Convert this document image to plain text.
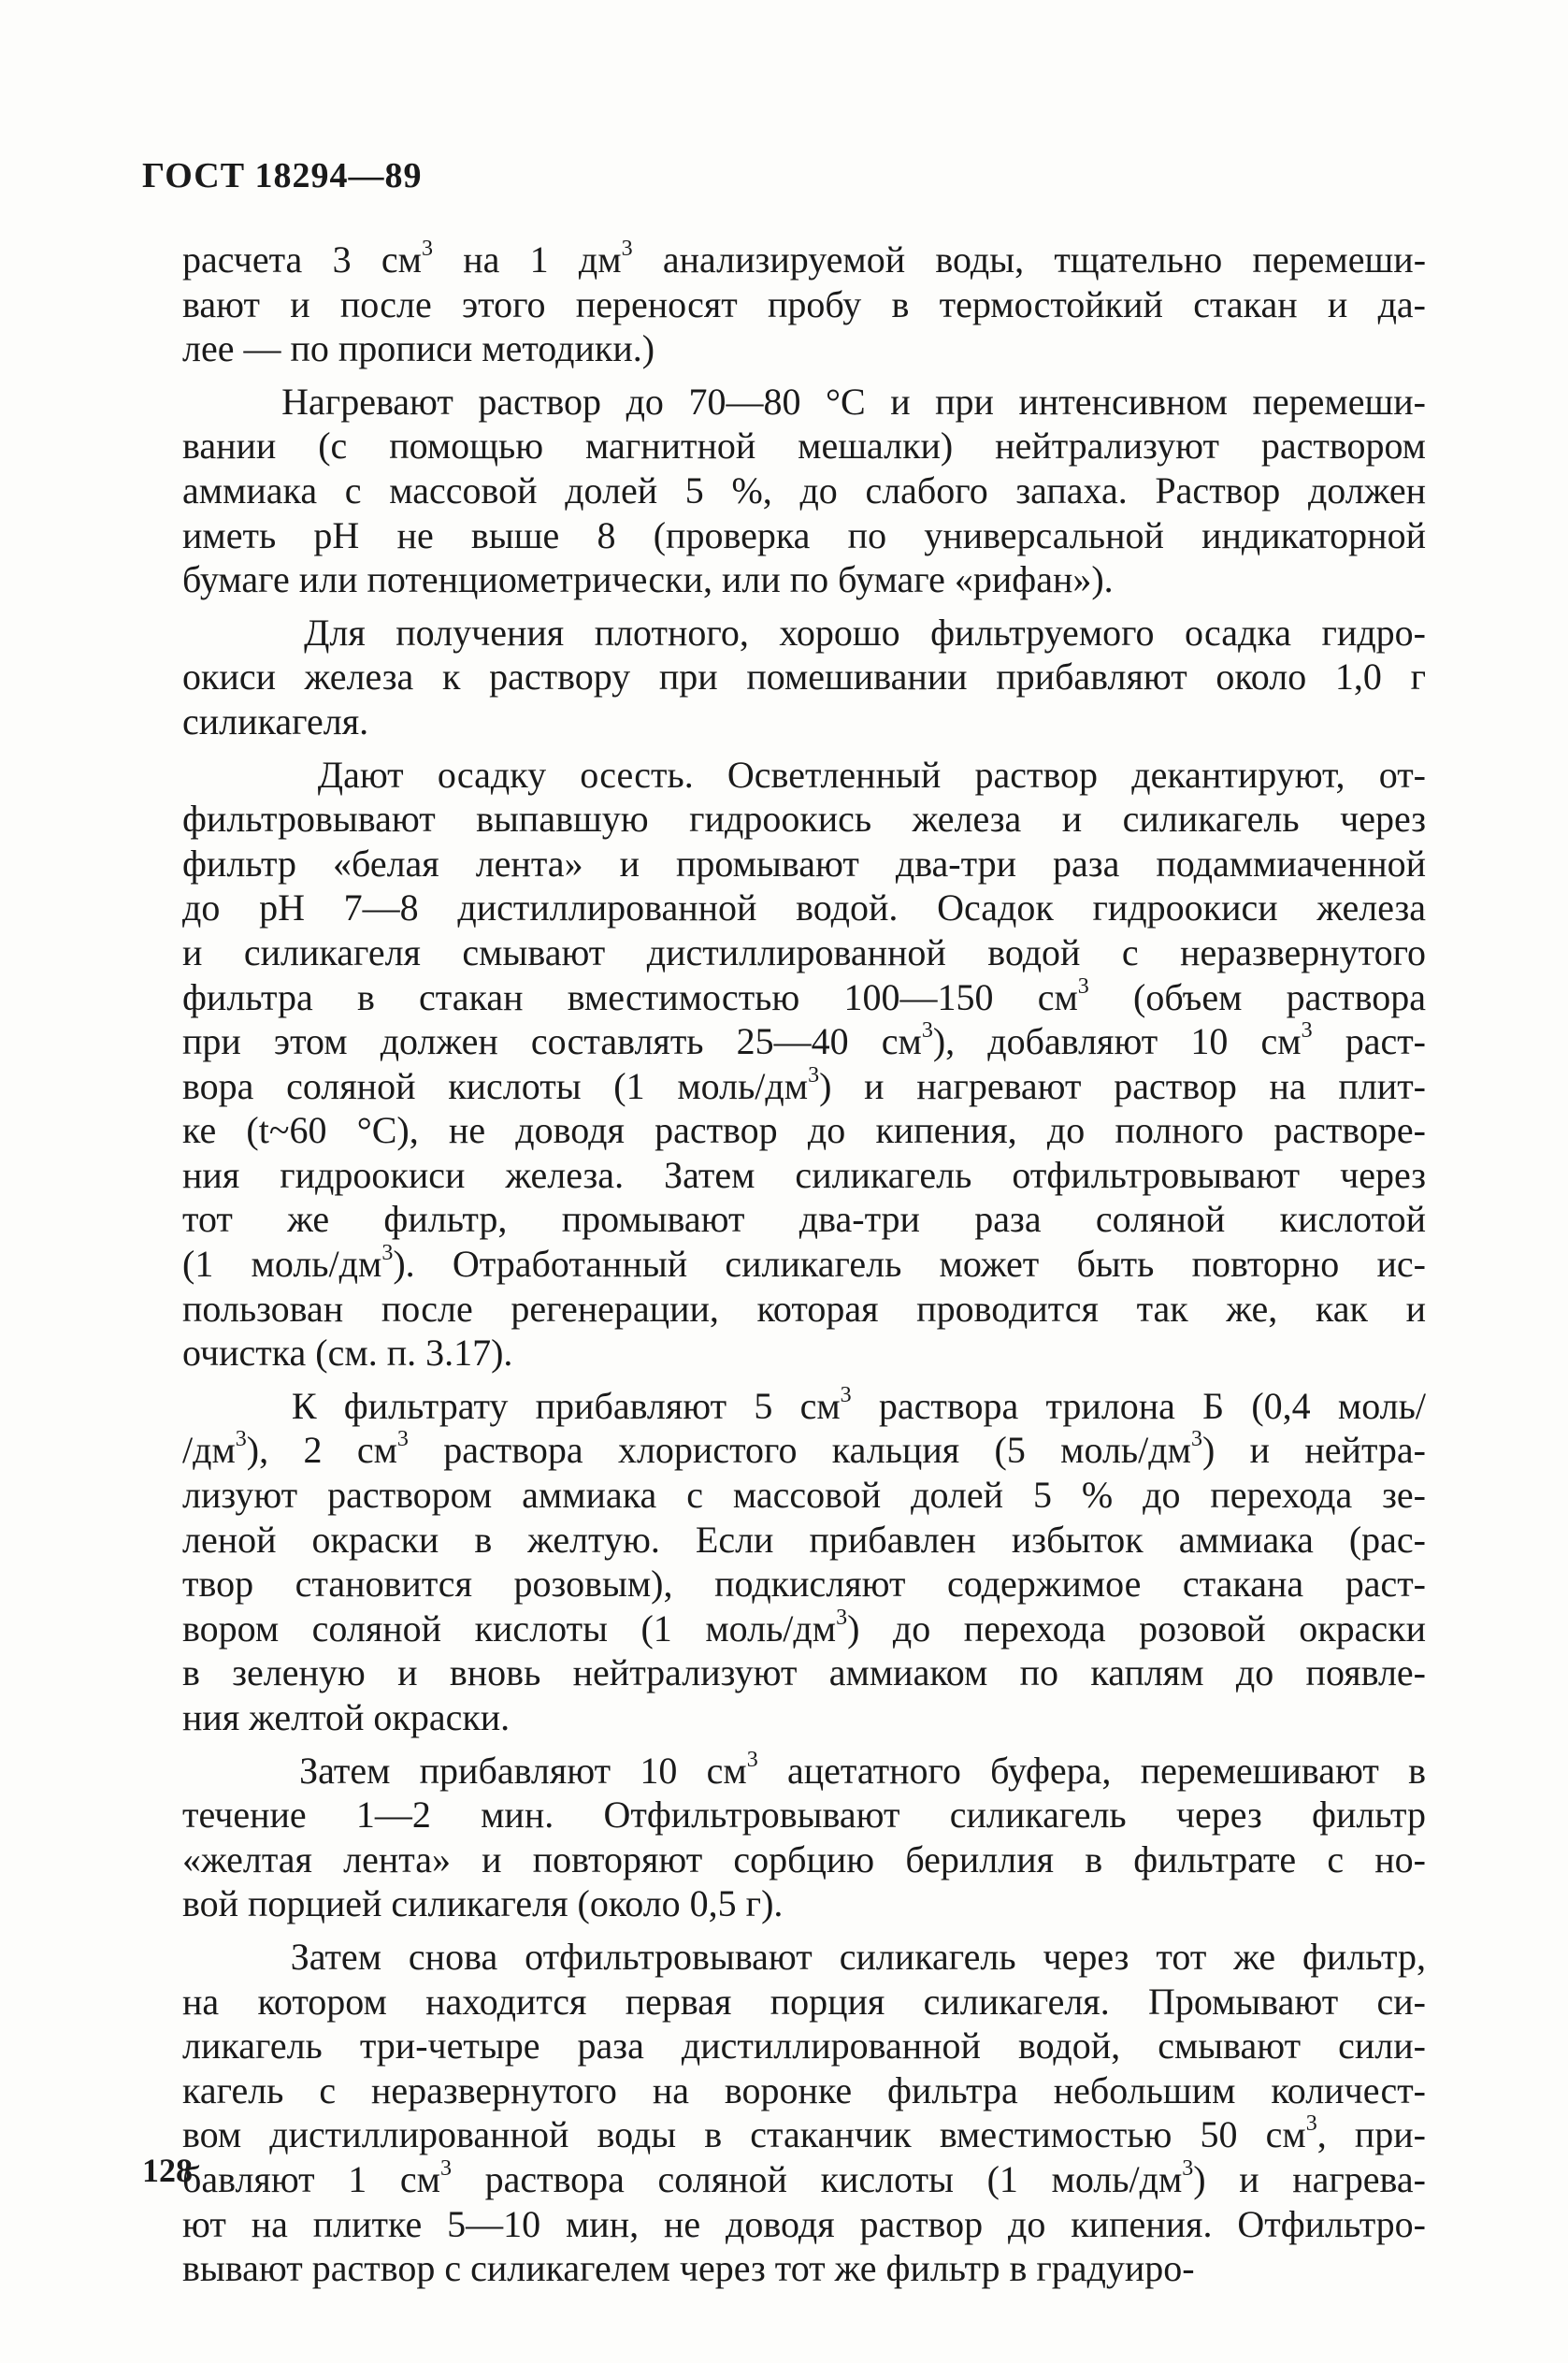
ГОСТ 18294—89
расчета 3 $см^3$ на 1 $дм^3$ анализируемой воды, тщательно перемеши-
вают и после этого переносят пробу в термостойкий стакан и да-
лее — по прописи методики.)
Нагревают раствор до 70—80 °С и при интенсивном перемеши-
вании (с помощью магнитной мешалки) нейтрализуют раствором
аммиака с массовой долей 5 %, до слабого запаха. Раствор должен
иметь рН не выше 8 (проверка по универсальной индикаторной
бумаге или потенциометрически, или по бумаге «рифан»).
Для получения плотного, хорошо фильтруемого осадка гидро-
окиси железа к раствору при помешивании прибавляют около 1,0 г
силикагеля.
Дают осадку осесть. Осветленный раствор декантируют, от-
фильтровывают выпавшую гидроокись железа и силикагель через
фильтр «белая лента» и промывают два-три раза подаммиаченной
до рН 7—8 дистиллированной водой. Осадок гидроокиси железа
и силикагеля смывают дистиллированной водой с неразвернутого
фильтра в стакан вместимостью 100—150 $см^3$ (объем раствора
при этом должен составлять 25—40 $см^3$), добавляют 10 $см^3$ раст-
вора соляной кислоты (1 моль/$дм^3$) и нагревают раствор на плит-
ке (t~60 °С), не доводя раствор до кипения, до полного растворе-
ния гидроокиси железа. Затем силикагель отфильтровывают через
тот же фильтр, промывают два-три раза соляной кислотой
(1 моль/$дм^3$). Отработанный силикагель может быть повторно ис-
пользован после регенерации, которая проводится так же, как и
очистка (см. п. 3.17).
К фильтрату прибавляют 5 $см^3$ раствора трилона Б (0,4 моль/
$/дм^3$), 2 $см^3$ раствора хлористого кальция (5 моль/$дм^3$) и нейтра-
лизуют раствором аммиака с массовой долей 5 % до перехода зе-
леной окраски в желтую. Если прибавлен избыток аммиака (рас-
твор становится розовым), подкисляют содержимое стакана раст-
вором соляной кислоты (1 моль/$дм^3$) до перехода розовой окраски
в зеленую и вновь нейтрализуют аммиаком по каплям до появле-
ния желтой окраски.
Затем прибавляют 10 $см^3$ ацетатного буфера, перемешивают в
течение 1—2 мин. Отфильтровывают силикагель через фильтр
«желтая лента» и повторяют сорбцию бериллия в фильтрате с но-
вой порцией силикагеля (около 0,5 г).
Затем снова отфильтровывают силикагель через тот же фильтр,
на котором находится первая порция силикагеля. Промывают си-
ликагель три-четыре раза дистиллированной водой, смывают сили-
кагель с неразвернутого на воронке фильтра небольшим количест-
вом дистиллированной воды в стаканчик вместимостью 50 $см^3$, при-
бавляют 1 $см^3$ раствора соляной кислоты (1 моль/$дм^3$) и нагрева-
ют на плитке 5—10 мин, не доводя раствор до кипения. Отфильтро-
вывают раствор с силикагелем через тот же фильтр в градуиро-
128
